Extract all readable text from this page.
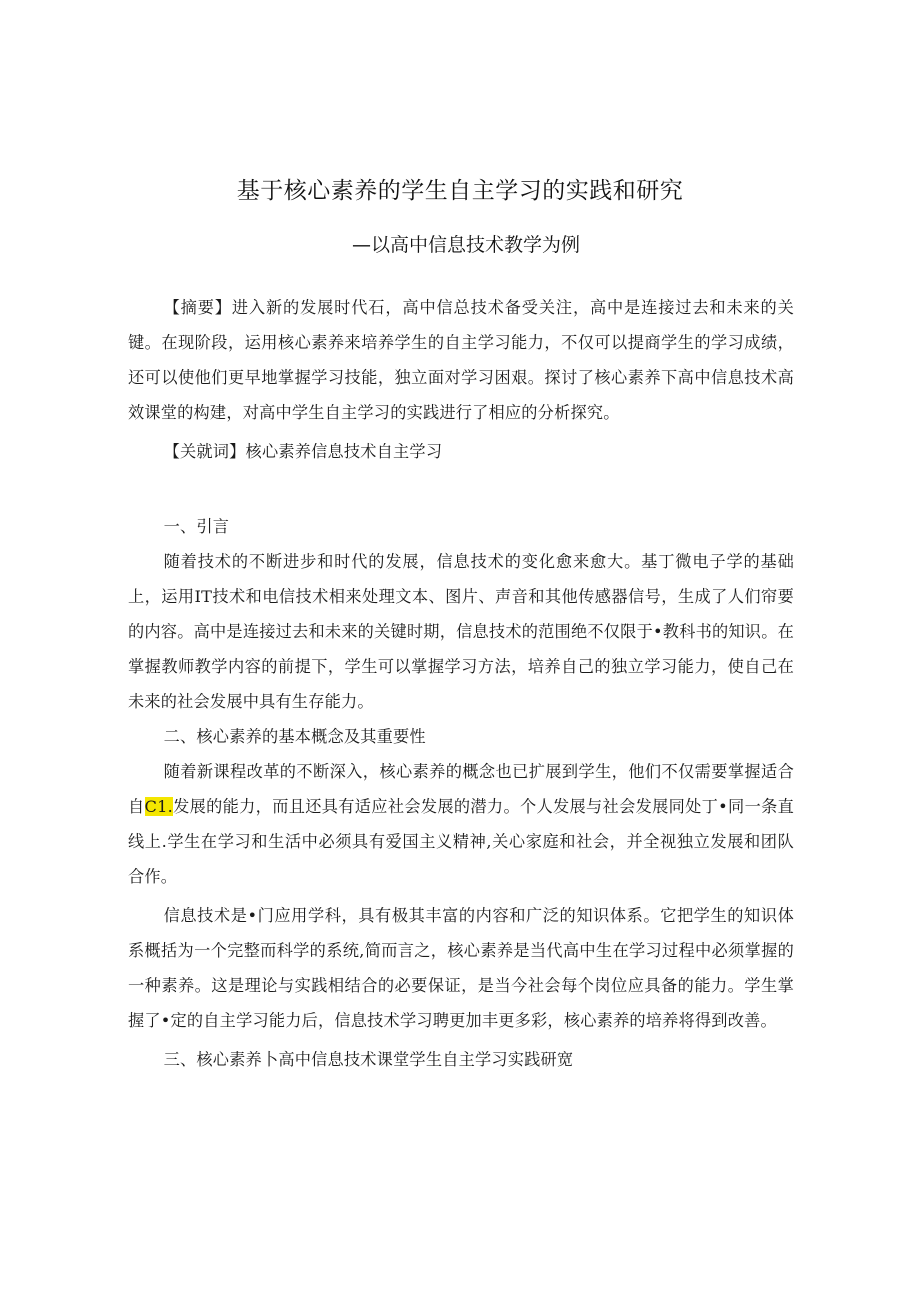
基于核心素养的学生自主学习的实践和研究
—以高中信息技术教学为例

【摘要】进入新的发展时代石，高中信总技术备受关注，高中是连接过去和未来的关键。在现阶段，运用核心素养来培养学生的自主学习能力，不仅可以提商学生的学习成绩，还可以使他们更早地掌握学习技能，独立面对学习困艰。探讨了核心素养下高中信息技术高效课堂的构建，对高中学生自主学习的实践进行了相应的分析探究。

【关就词】核心素养信息技术自主学习

一、引言

随着技术的不断进步和时代的发展，信息技术的变化愈来愈大。基丁微电子学的基础上，运用IT技术和电信技术相来处理文本、图片、声音和其他传感器信号，生成了人们帘要的内容。高中是连接过去和未来的关键时期，信息技术的范围绝不仅限于•教科书的知识。在掌握教师教学内容的前提下，学生可以掌握学习方法，培养自己的独立学习能力，使自己在未来的社会发展中具有生存能力。

二、核心素养的基本概念及其重要性

随着新课程改革的不断深入，核心素养的概念也已扩展到学生，他们不仅需要掌握适合自C1.发展的能力，而且还具有适应社会发展的潜力。个人发展与社会发展同处丁•同一条直线上.学生在学习和生活中必须具有爱国主义精神,关心家庭和社会，并全视独立发展和团队合作。

信息技术是•门应用学科，具有极其丰富的内容和广泛的知识体系。它把学生的知识体系概括为一个完整而科学的系统,简而言之，核心素养是当代高中生在学习过程中必须掌握的一种素养。这是理论与实践相结合的必要保证，是当今社会每个岗位应具备的能力。学生掌握了•定的自主学习能力后，信息技术学习聘更加丰更多彩，核心素养的培养将得到改善。

三、核心素养卜高中信息技术课堂学生自主学习实践研宽
